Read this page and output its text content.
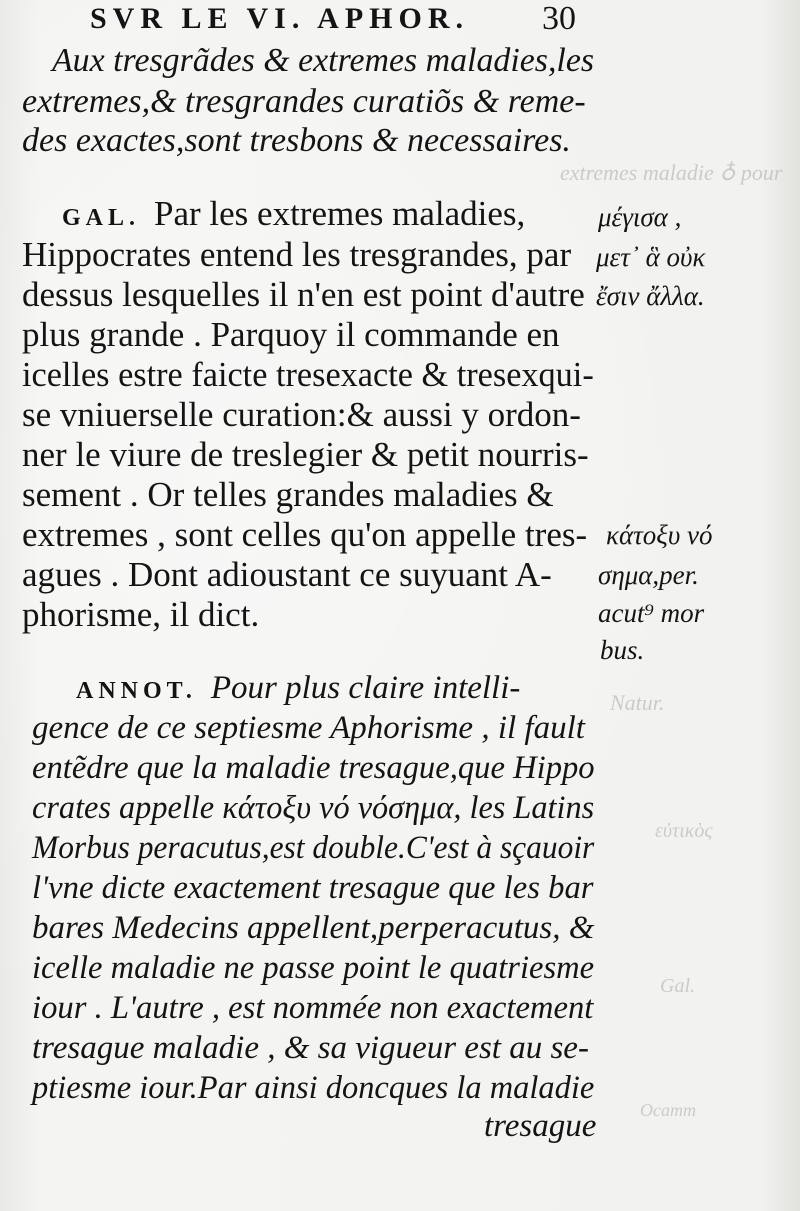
extremes maladie ♁ pour
Natur.
εὐτικὸς
Gal.
Ocamm
SVR LE VI. APHOR. 30
Aux tresgrãdes & extremes maladies,les
extremes,& tresgrandes curatiõs & reme-
des exactes,sont tresbons & necessaires.
GAL. Par les extremes maladies,
Hippocrates entend les tresgrandes, par
dessus lesquelles il n'en est point d'autre
plus grande . Parquoy il commande en
icelles estre faicte tresexacte & tresexqui-
se vniuerselle curation:& aussi y ordon-
ner le viure de treslegier & petit nourris-
sement . Or telles grandes maladies &
extremes , sont celles qu'on appelle tres-
agues . Dont adioustant ce suyuant A-
phorisme, il dict.
μέγισα ,
μετ᾽ ἃ οὐκ
ἔσιν ἄλλα.
κάτοξυ νό
σημα,per.
acut⁹ mor
bus.
ANNOT. Pour plus claire intelli-
gence de ce septiesme Aphorisme , il fault
entẽdre que la maladie tresague,que Hippo
crates appelle κάτοξυ νό νόσημα, les Latins
Morbus peracutus,est double.C'est à sçauoir
l'vne dicte exactement tresague que les bar
bares Medecins appellent,perperacutus, &
icelle maladie ne passe point le quatriesme
iour . L'autre , est nommée non exactement
tresague maladie , & sa vigueur est au se-
ptiesme iour.Par ainsi doncques la maladie
tresague
